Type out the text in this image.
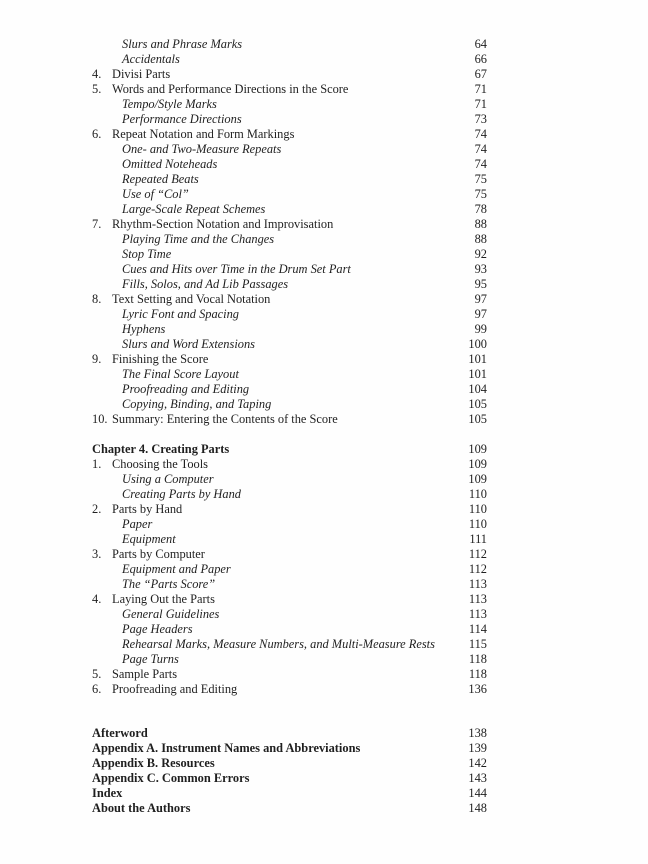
Slurs and Phrase Marks	64
Accidentals	66
4. Divisi Parts	67
5. Words and Performance Directions in the Score	71
Tempo/Style Marks	71
Performance Directions	73
6. Repeat Notation and Form Markings	74
One- and Two-Measure Repeats	74
Omitted Noteheads	74
Repeated Beats	75
Use of “Col”	75
Large-Scale Repeat Schemes	78
7. Rhythm-Section Notation and Improvisation	88
Playing Time and the Changes	88
Stop Time	92
Cues and Hits over Time in the Drum Set Part	93
Fills, Solos, and Ad Lib Passages	95
8. Text Setting and Vocal Notation	97
Lyric Font and Spacing	97
Hyphens	99
Slurs and Word Extensions	100
9. Finishing the Score	101
The Final Score Layout	101
Proofreading and Editing	104
Copying, Binding, and Taping	105
10. Summary: Entering the Contents of the Score	105
Chapter 4. Creating Parts	109
1. Choosing the Tools	109
Using a Computer	109
Creating Parts by Hand	110
2. Parts by Hand	110
Paper	110
Equipment	111
3. Parts by Computer	112
Equipment and Paper	112
The “Parts Score”	113
4. Laying Out the Parts	113
General Guidelines	113
Page Headers	114
Rehearsal Marks, Measure Numbers, and Multi-Measure Rests	115
Page Turns	118
5. Sample Parts	118
6. Proofreading and Editing	136
Afterword	138
Appendix A. Instrument Names and Abbreviations	139
Appendix B. Resources	142
Appendix C. Common Errors	143
Index	144
About the Authors	148
